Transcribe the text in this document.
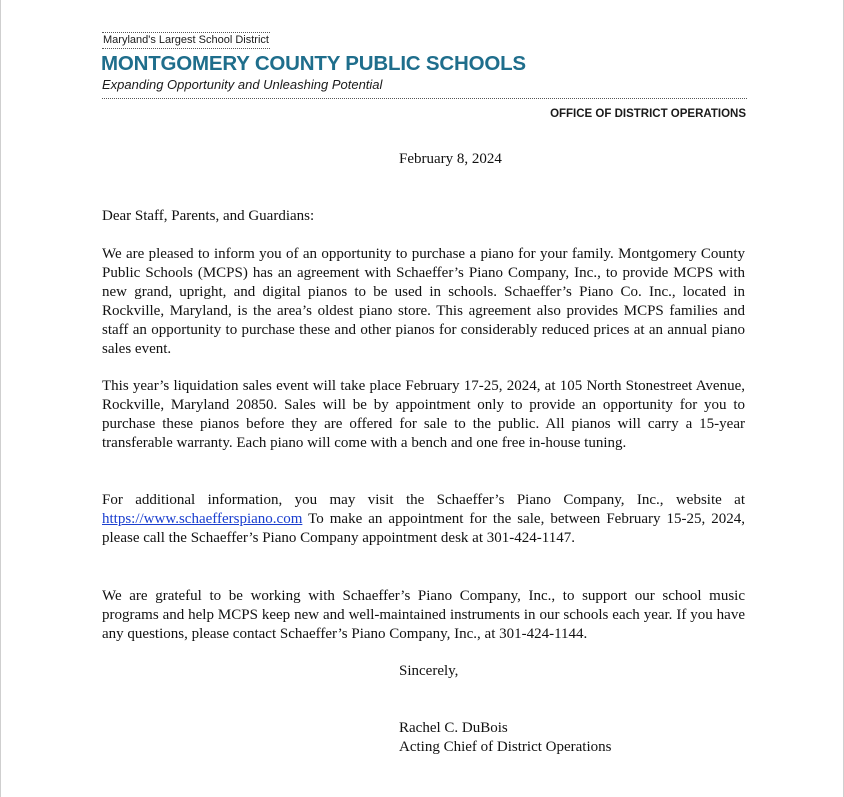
Maryland's Largest School District
MONTGOMERY COUNTY PUBLIC SCHOOLS
Expanding Opportunity and Unleashing Potential
OFFICE OF DISTRICT OPERATIONS
February 8, 2024
Dear Staff, Parents, and Guardians:

We are pleased to inform you of an opportunity to purchase a piano for your family. Montgomery County Public Schools (MCPS) has an agreement with Schaeffer’s Piano Company, Inc., to provide MCPS with new grand, upright, and digital pianos to be used in schools. Schaeffer’s Piano Co. Inc., located in Rockville, Maryland, is the area’s oldest piano store. This agreement also provides MCPS families and staff an opportunity to purchase these and other pianos for considerably reduced prices at an annual piano sales event.

This year’s liquidation sales event will take place February 17-25, 2024, at 105 North Stonestreet Avenue, Rockville, Maryland 20850. Sales will be by appointment only to provide an opportunity for you to purchase these pianos before they are offered for sale to the public. All pianos will carry a 15-year transferable warranty. Each piano will come with a bench and one free in-house tuning.

For additional information, you may visit the Schaeffer’s Piano Company, Inc., website at https://www.schaefferspiano.com To make an appointment for the sale, between February 15-25, 2024, please call the Schaeffer’s Piano Company appointment desk at 301-424-1147.

We are grateful to be working with Schaeffer’s Piano Company, Inc., to support our school music programs and help MCPS keep new and well-maintained instruments in our schools each year. If you have any questions, please contact Schaeffer’s Piano Company, Inc., at 301-424-1144.

Sincerely,
Rachel C. DuBois
Acting Chief of District Operations
